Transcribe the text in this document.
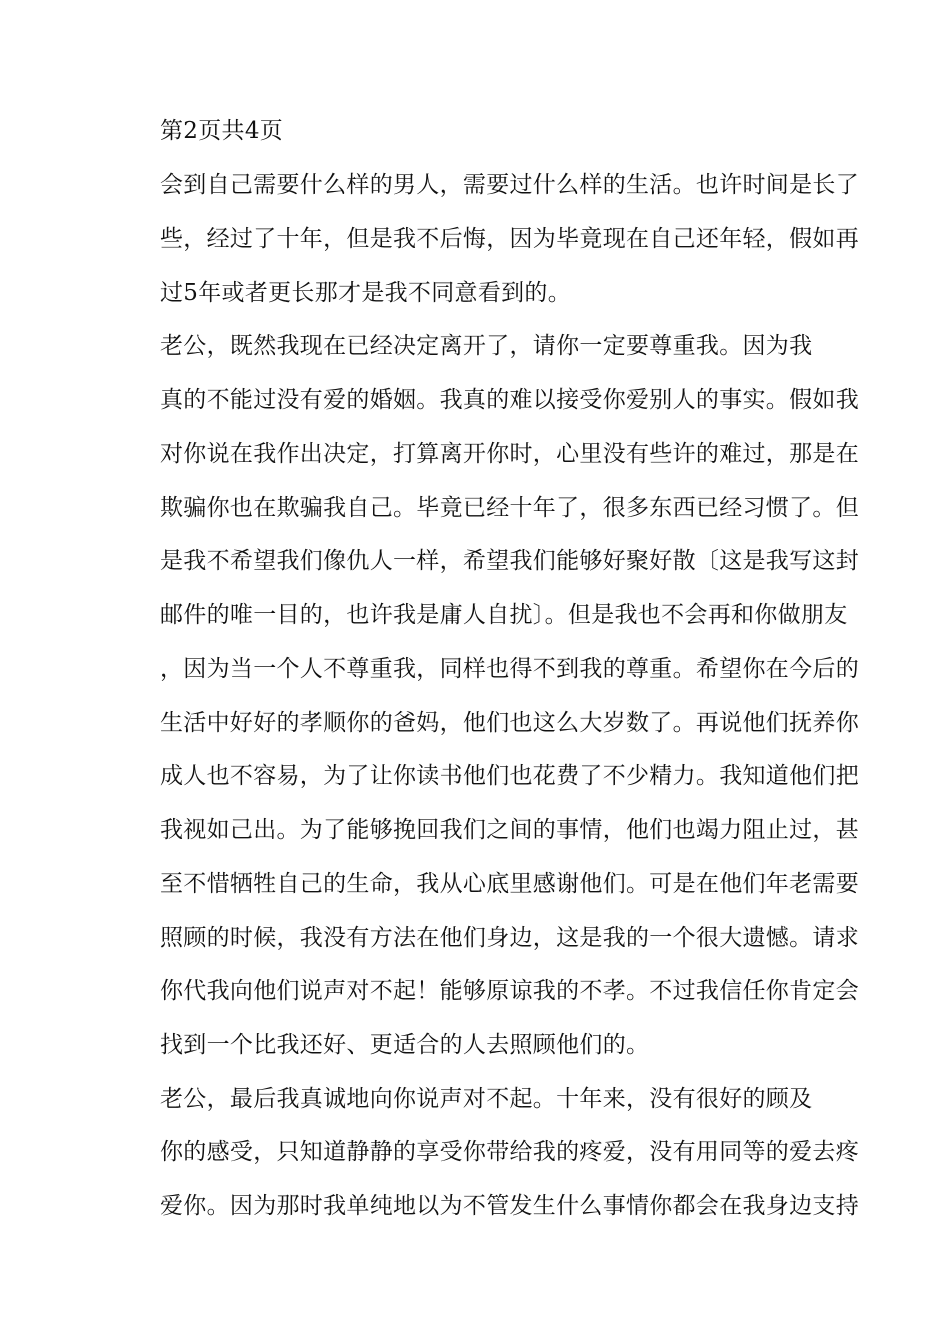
第2页共4页
会到自己需要什么样的男人，需要过什么样的生活。也许时间是长了
些，经过了十年，但是我不后悔，因为毕竟现在自己还年轻，假如再
过5年或者更长那才是我不同意看到的。
老公，既然我现在已经决定离开了，请你一定要尊重我。因为我
真的不能过没有爱的婚姻。我真的难以接受你爱别人的事实。假如我
对你说在我作出决定，打算离开你时，心里没有些许的难过，那是在
欺骗你也在欺骗我自己。毕竟已经十年了，很多东西已经习惯了。但
是我不希望我们像仇人一样，希望我们能够好聚好散〔这是我写这封
邮件的唯一目的，也许我是庸人自扰〕。但是我也不会再和你做朋友
，因为当一个人不尊重我，同样也得不到我的尊重。希望你在今后的
生活中好好的孝顺你的爸妈，他们也这么大岁数了。再说他们抚养你
成人也不容易，为了让你读书他们也花费了不少精力。我知道他们把
我视如己出。为了能够挽回我们之间的事情，他们也竭力阻止过，甚
至不惜牺牲自己的生命，我从心底里感谢他们。可是在他们年老需要
照顾的时候，我没有方法在他们身边，这是我的一个很大遗憾。请求
你代我向他们说声对不起！能够原谅我的不孝。不过我信任你肯定会
找到一个比我还好、更适合的人去照顾他们的。
老公，最后我真诚地向你说声对不起。十年来，没有很好的顾及
你的感受，只知道静静的享受你带给我的疼爱，没有用同等的爱去疼
爱你。因为那时我单纯地以为不管发生什么事情你都会在我身边支持
